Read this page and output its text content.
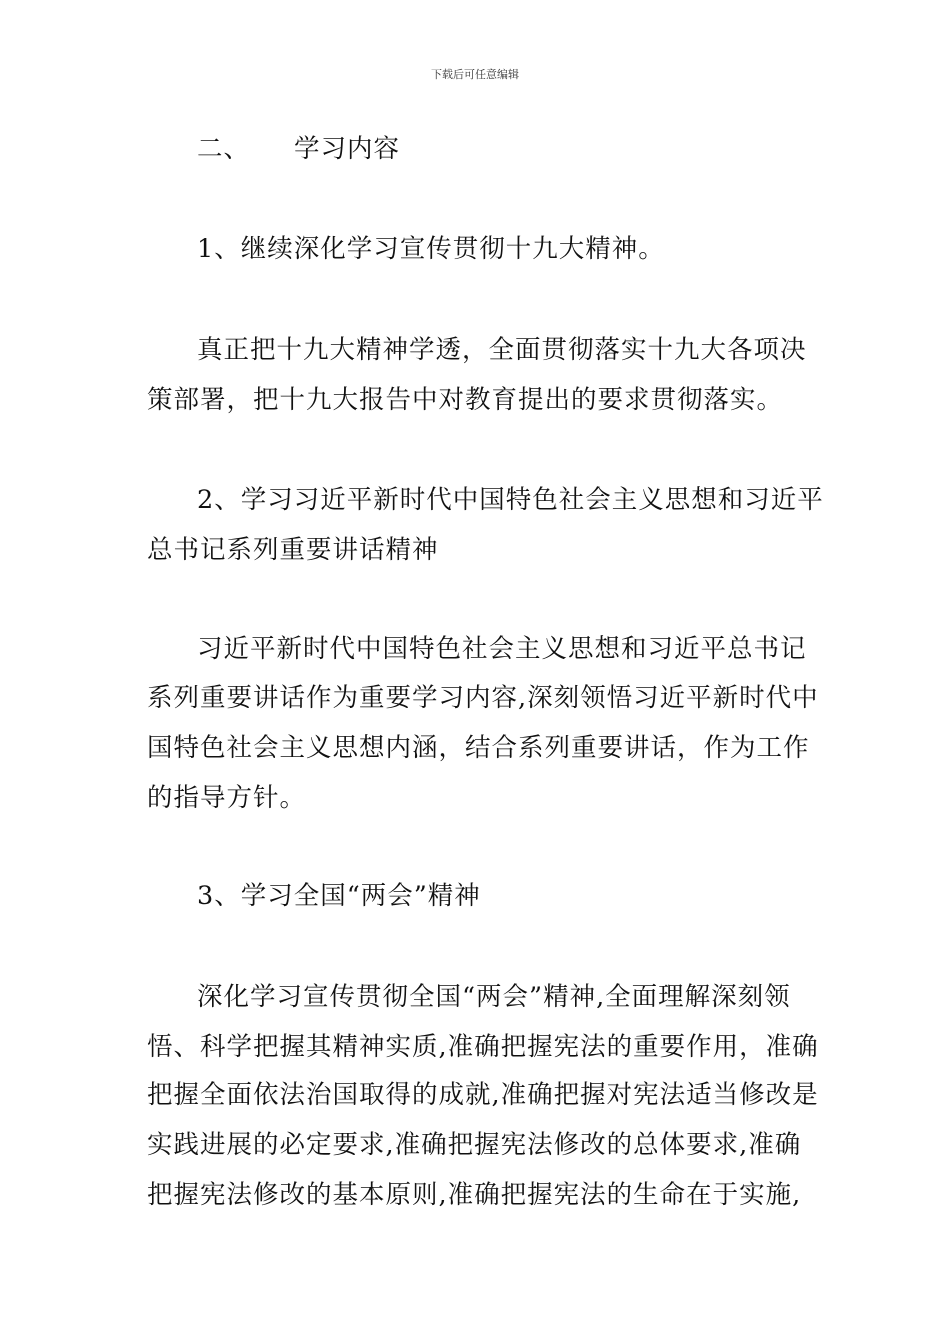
下载后可任意编辑
二、 学习内容
1、继续深化学习宣传贯彻十九大精神。
真正把十九大精神学透，全面贯彻落实十九大各项决
策部署，把十九大报告中对教育提出的要求贯彻落实。
2、学习习近平新时代中国特色社会主义思想和习近平
总书记系列重要讲话精神
习近平新时代中国特色社会主义思想和习近平总书记
系列重要讲话作为重要学习内容,深刻领悟习近平新时代中
国特色社会主义思想内涵，结合系列重要讲话，作为工作
的指导方针。
3、学习全国“两会”精神
深化学习宣传贯彻全国“两会”精神,全面理解深刻领
悟、科学把握其精神实质,准确把握宪法的重要作用，准确
把握全面依法治国取得的成就,准确把握对宪法适当修改是
实践进展的必定要求,准确把握宪法修改的总体要求,准确
把握宪法修改的基本原则,准确把握宪法的生命在于实施,
